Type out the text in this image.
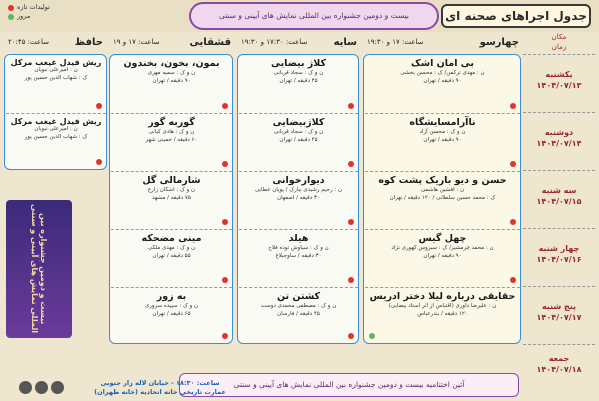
جدول اجراهای صحنه ای
بیست و دومین جشنواره بین المللی نمایش های آیینی و سنتی
تولیدات تازه
مرور
چهارسو
ساعت: ۱۷ و ۱۹:۳۰
سایه
ساعت: ۱۷:۳۰ و ۱۹:۳۰
قشقایی
ساعت: ۱۷ و ۱۹
حافظ
ساعت: ۲۰:۴۵
مکان
زمان
یکشنبه
۱۴۰۴/۰۷/۱۳
دوشنبه
۱۴۰۴/۰۷/۱۴
سه شنبه
۱۴۰۴/۰۷/۱۵
چهار شنبه
۱۴۰۴/۰۷/۱۶
پنج شنبه
۱۴۰۴/۰۷/۱۷
جمعه
۱۴۰۴/۰۷/۱۸
بی امان اشک
ن : مهدی ترکمن/ ک : محسن بخشی
۹۰ دقیقه / تهران
ناآرامسایشگاه
ن و ک : محسن آزاد
۹۰ دقیقه / تهران
حسن و دیو باریک پشت کوه
ن : افشین هاشمی
ک : محمد حسین سلطانی / ۱۲۰ دقیقه / تهران
چهل گیس
ن : محمد چرمشیر/ ک : سیروس کهوری نژاد
۹۰ دقیقه / تهران
حقایقی درباره لیلا دختر ادریس
ن : علیرضا داوری (اقتباس از اثر استاد بیضایی)
۱۲۰ دقیقه / بندرعباس
کلاژ بیضایی
ن و ک : سجاد قربانی
۴۵ دقیقه / تهران
کلاژبیضایی
ن و ک : سجاد قربانی
۴۵ دقیقه / تهران
دیوارخوانی
ن : رحیم رشیدی نیارک / پویان عطایی
۳۰ دقیقه / اصفهان
هیلد
ن و ک : سیاوش توده فلاح
۳۰ دقیقه / ساوجبلاغ
کشتن تن
ن و ک : مصطفی محمدی دوست
۴۵ دقیقه / فارسان
بمون، بخون، بخندون
ن و ک : سمیه مهری
۹۰ دقیقه / تهران
گوربه گور
ن و ک : هادی کیانی
۶۰ دقیقه / خمینی شهر
شارمالی گل
ن و ک : اشکان زارع
۷۵ دقیقه / مشهد
مینی مضحکه
ن و ک : مهدی ملکی
۵۵ دقیقه / تهران
به زور
ن و ک : سپیده سروری
۶۵ دقیقه / تهران
ریش فیدل غیغب مرکل
ن : امیرعلی نبویان
ک : شهاب الدین حسین پور
ریش فیدل غیغب مرکل
ن : امیرعلی نبویان
ک : شهاب الدین حسین پور
بیست و دومین جشنواره بین المللی نمایش های آیینی و سنتی
آئین اختتامیه بیست و دومین جشنواره بین المللی نمایش های آیینی و سنتی
ساعت: ۱۸:۳۰ - خیابان لاله زار جنوبی
عمارت تاریخی خانه اتحادیه (خانه طهران)
